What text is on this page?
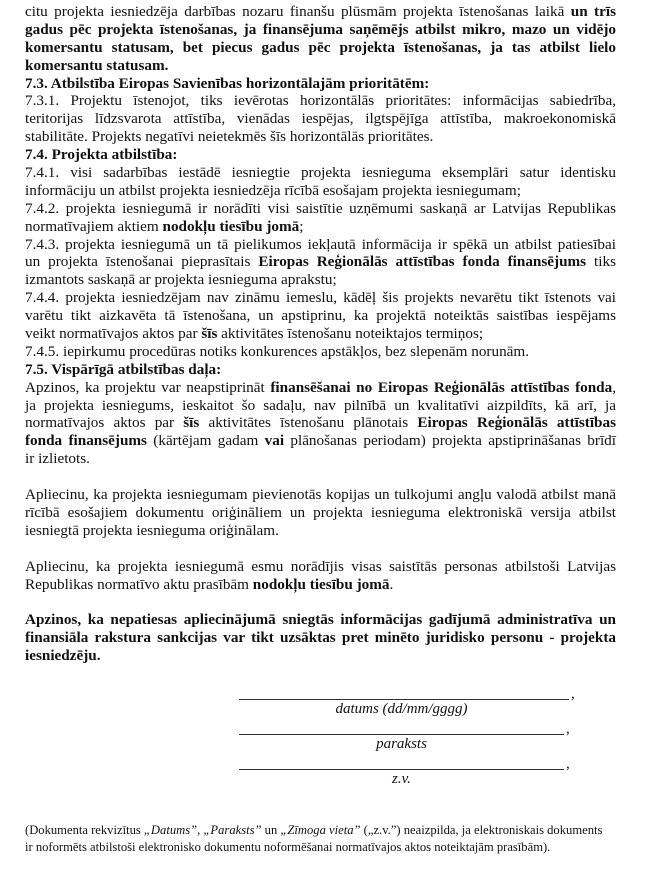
citu projekta iesniedzēja darbības nozaru finanšu plūsmām projekta īstenošanas laikā un trīs
gadus pēc projekta īstenošanas, ja finansējuma saņēmējs atbilst mikro, mazo un vidējo
komersantu statusam, bet piecus gadus pēc projekta īstenošanas, ja tas atbilst lielo
komersantu statusam.
7.3. Atbilstība Eiropas Savienības horizontālajām prioritātēm:
7.3.1. Projektu īstenojot, tiks ievērotas horizontālās prioritātes: informācijas sabiedrība,
teritorijas līdzsvarota attīstība, vienādas iespējas, ilgtspējīga attīstība, makroekonomiskā
stabilitāte. Projekts negatīvi neietekmēs šīs horizontālās prioritātes.
7.4. Projekta atbilstība:
7.4.1. visi sadarbības iestādē iesniegtie projekta iesnieguma eksemplāri satur identisku
informāciju un atbilst projekta iesniedzēja rīcībā esošajam projekta iesniegumam;
7.4.2. projekta iesniegumā ir norādīti visi saistītie uzņēmumi saskaņā ar Latvijas Republikas
normatīvajiem aktiem nodokļu tiesību jomā;
7.4.3. projekta iesniegumā un tā pielikumos iekļautā informācija ir spēkā un atbilst patiesībai
un projekta īstenošanai pieprasītais Eiropas Reģionālās attīstības fonda finansējums tiks
izmantots saskaņā ar projekta iesnieguma aprakstu;
7.4.4. projekta iesniedzējam nav zināmu iemeslu, kādēļ šis projekts nevarētu tikt īstenots vai
varētu tikt aizkavēta tā īstenošana, un apstiprinu, ka projektā noteiktās saistības iespējams
veikt normatīvajos aktos par šīs aktivitātes īstenošanu noteiktajos termiņos;
7.4.5. iepirkumu procedūras notiks konkurences apstākļos, bez slepenām norunām.
7.5. Vispārīgā atbilstības daļa:
Apzinos, ka projektu var neapstiprināt finansēšanai no Eiropas Reģionālās attīstības fonda,
ja projekta iesniegums, ieskaitot šo sadaļu, nav pilnībā un kvalitatīvi aizpildīts, kā arī, ja
normatīvajos aktos par šīs aktivitātes īstenošanu plānotais Eiropas Reģionālās attīstības
fonda finansējums (kārtējam gadam vai plānošanas periodam) projekta apstiprināšanas brīdī
ir izlietots.

Apliecinu, ka projekta iesniegumam pievienotās kopijas un tulkojumi angļu valodā atbilst manā
rīcībā esošajiem dokumentu oriģināliem un projekta iesnieguma elektroniskā versija atbilst
iesniegtā projekta iesnieguma oriģinālam.

Apliecinu, ka projekta iesniegumā esmu norādījis visas saistītās personas atbilstoši Latvijas
Republikas normatīvo aktu prasībām nodokļu tiesību jomā.

Apzinos, ka nepatiesas apliecinājumā sniegtās informācijas gadījumā administratīva un
finansiāla rakstura sankcijas var tikt uzsāktas pret minēto juridisko personu - projekta
iesniedzēju.
,
datums (dd/mm/gggg)
,
paraksts
,
z.v.
(Dokumenta rekvizītus „Datums”, „Paraksts” un „Zīmoga vieta” („z.v.”) neaizpilda, ja elektroniskais dokuments
ir noformēts atbilstoši elektronisko dokumentu noformēšanai normatīvajos aktos noteiktajām prasībām).
